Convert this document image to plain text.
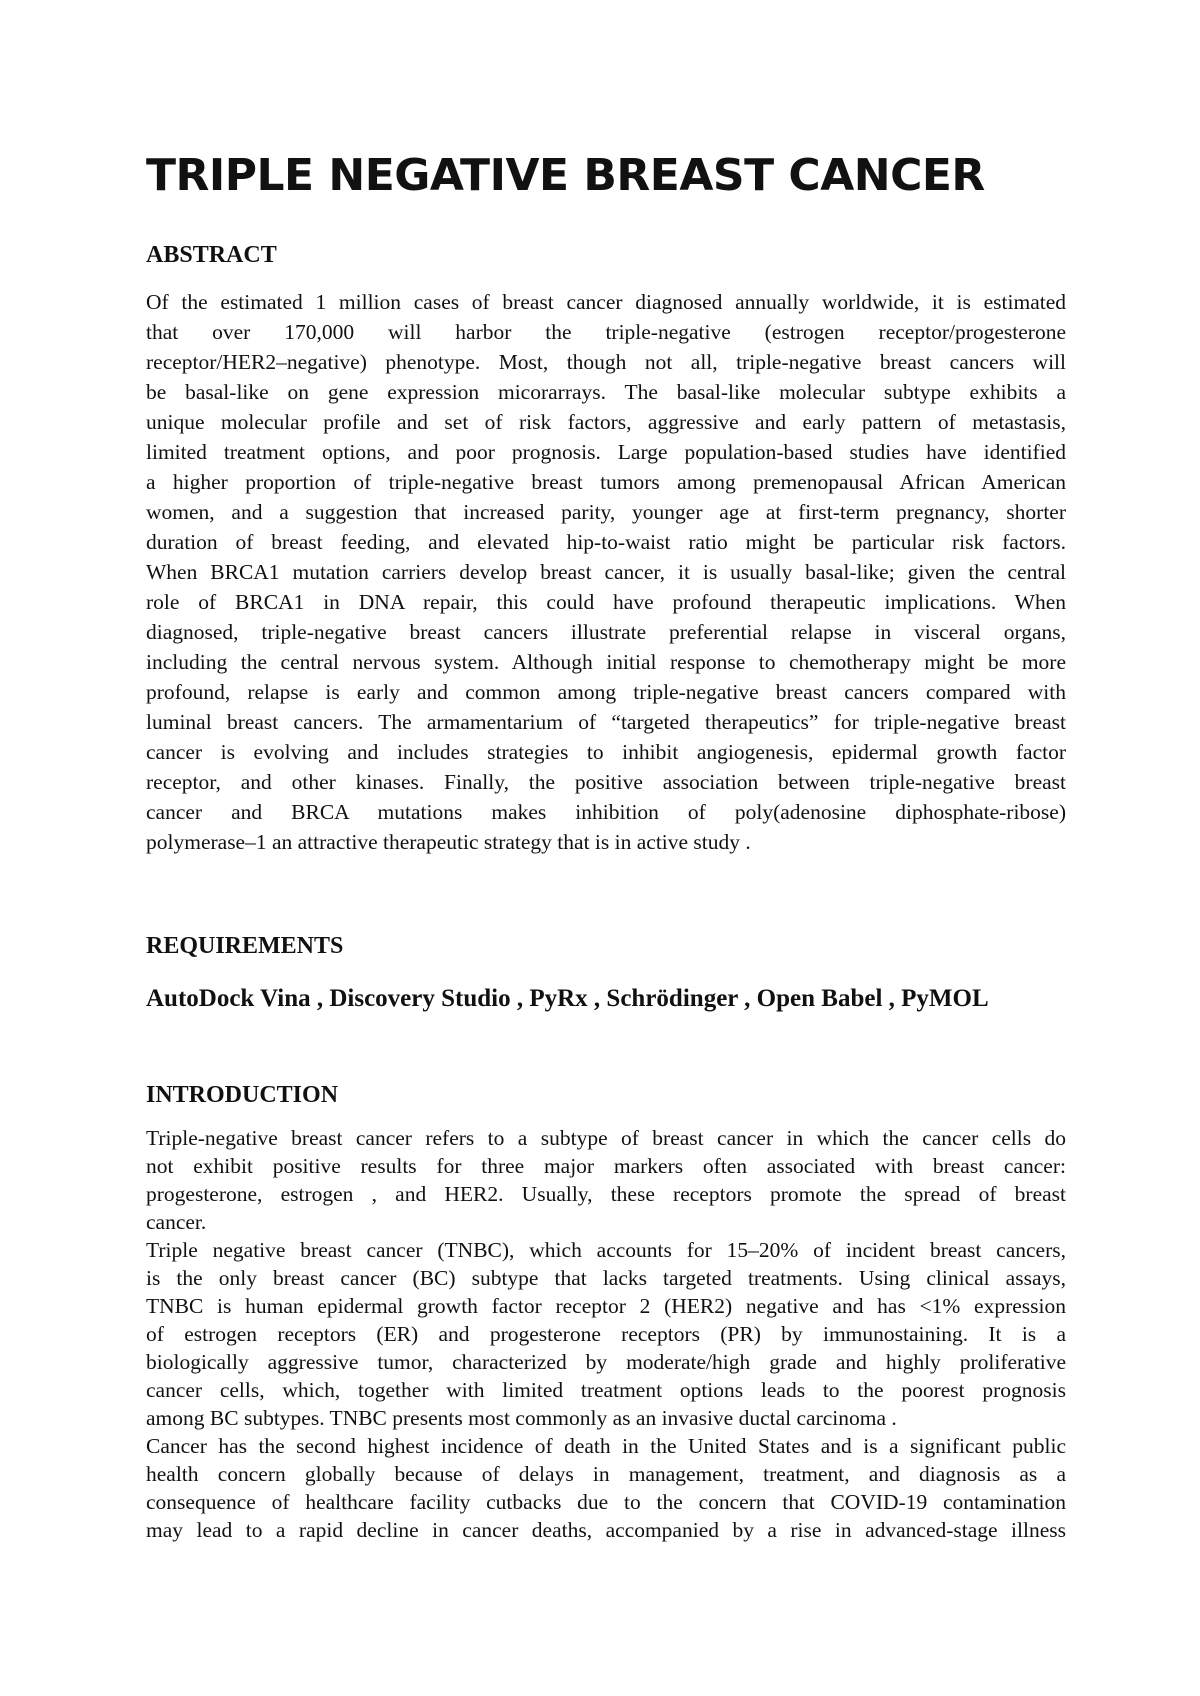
TRIPLE NEGATIVE BREAST CANCER
ABSTRACT
Of the estimated 1 million cases of breast cancer diagnosed annually worldwide, it is estimated
that over 170,000 will harbor the triple-negative (estrogen receptor/progesterone
receptor/HER2–negative) phenotype. Most, though not all, triple-negative breast cancers will
be basal-like on gene expression micorarrays. The basal-like molecular subtype exhibits a
unique molecular profile and set of risk factors, aggressive and early pattern of metastasis,
limited treatment options, and poor prognosis. Large population-based studies have identified
a higher proportion of triple-negative breast tumors among premenopausal African American
women, and a suggestion that increased parity, younger age at first-term pregnancy, shorter
duration of breast feeding, and elevated hip-to-waist ratio might be particular risk factors.
When BRCA1 mutation carriers develop breast cancer, it is usually basal-like; given the central
role of BRCA1 in DNA repair, this could have profound therapeutic implications. When
diagnosed, triple-negative breast cancers illustrate preferential relapse in visceral organs,
including the central nervous system. Although initial response to chemotherapy might be more
profound, relapse is early and common among triple-negative breast cancers compared with
luminal breast cancers. The armamentarium of “targeted therapeutics” for triple-negative breast
cancer is evolving and includes strategies to inhibit angiogenesis, epidermal growth factor
receptor, and other kinases. Finally, the positive association between triple-negative breast
cancer and BRCA mutations makes inhibition of poly(adenosine diphosphate-ribose)
polymerase–1 an attractive therapeutic strategy that is in active study .
REQUIREMENTS
AutoDock Vina , Discovery Studio , PyRx , Schrödinger , Open Babel , PyMOL
INTRODUCTION
Triple-negative breast cancer refers to a subtype of breast cancer in which the cancer cells do
not exhibit positive results for three major markers often associated with breast cancer:
progesterone, estrogen , and HER2. Usually, these receptors promote the spread of breast
cancer.
Triple negative breast cancer (TNBC), which accounts for 15–20% of incident breast cancers,
is the only breast cancer (BC) subtype that lacks targeted treatments. Using clinical assays,
TNBC is human epidermal growth factor receptor 2 (HER2) negative and has <1% expression
of estrogen receptors (ER) and progesterone receptors (PR) by immunostaining. It is a
biologically aggressive tumor, characterized by moderate/high grade and highly proliferative
cancer cells, which, together with limited treatment options leads to the poorest prognosis
among BC subtypes. TNBC presents most commonly as an invasive ductal carcinoma .
Cancer has the second highest incidence of death in the United States and is a significant public
health concern globally because of delays in management, treatment, and diagnosis as a
consequence of healthcare facility cutbacks due to the concern that COVID-19 contamination
may lead to a rapid decline in cancer deaths, accompanied by a rise in advanced-stage illness
